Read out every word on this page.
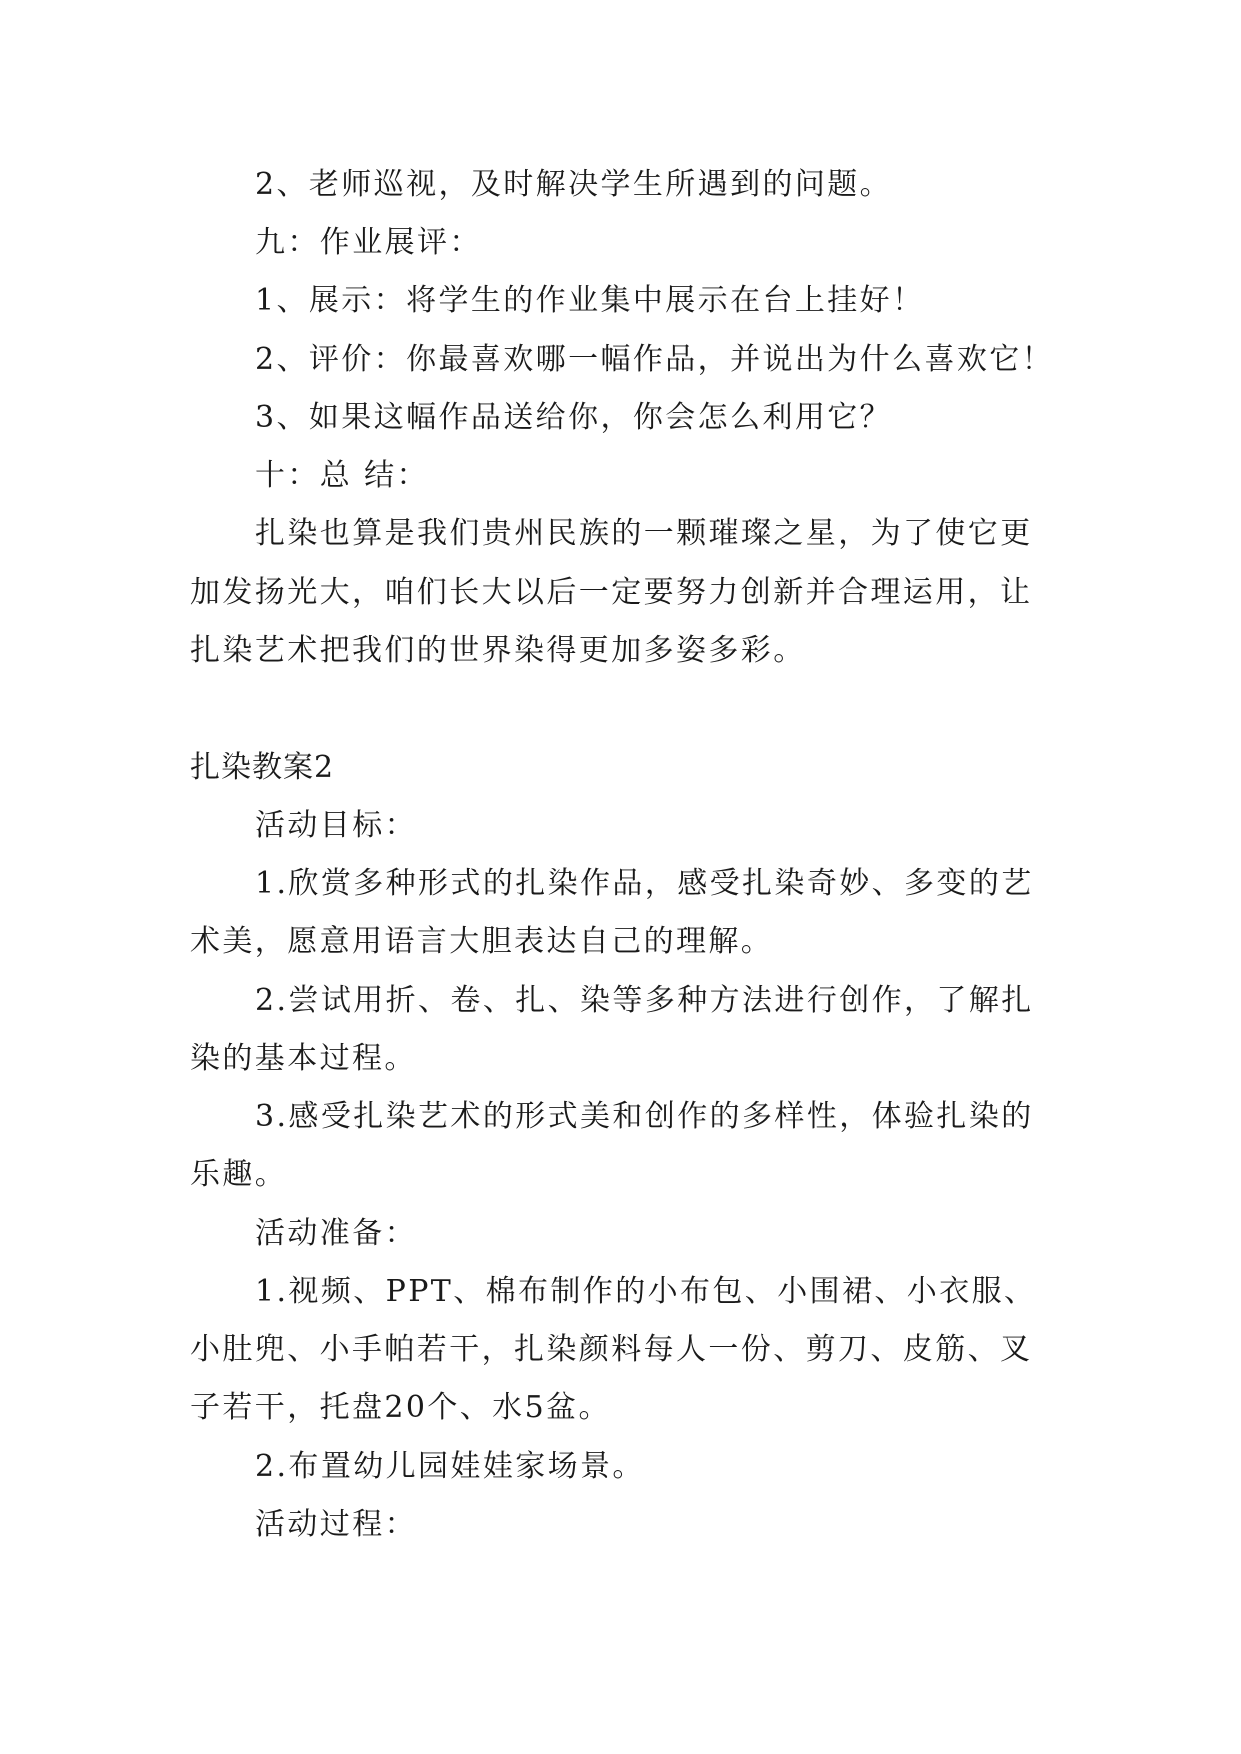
2、老师巡视，及时解决学生所遇到的问题。
九：作业展评：
1、展示：将学生的作业集中展示在台上挂好！
2、评价：你最喜欢哪一幅作品，并说出为什么喜欢它！
3、如果这幅作品送给你，你会怎么利用它？
十：总 结：
扎染也算是我们贵州民族的一颗璀璨之星，为了使它更
加发扬光大，咱们长大以后一定要努力创新并合理运用，让
扎染艺术把我们的世界染得更加多姿多彩。
扎染教案2
活动目标：
1.欣赏多种形式的扎染作品，感受扎染奇妙、多变的艺
术美，愿意用语言大胆表达自己的理解。
2.尝试用折、卷、扎、染等多种方法进行创作，了解扎
染的基本过程。
3.感受扎染艺术的形式美和创作的多样性，体验扎染的
乐趣。
活动准备：
1.视频、PPT、棉布制作的小布包、小围裙、小衣服、
小肚兜、小手帕若干，扎染颜料每人一份、剪刀、皮筋、叉
子若干，托盘20个、水5盆。
2.布置幼儿园娃娃家场景。
活动过程：
